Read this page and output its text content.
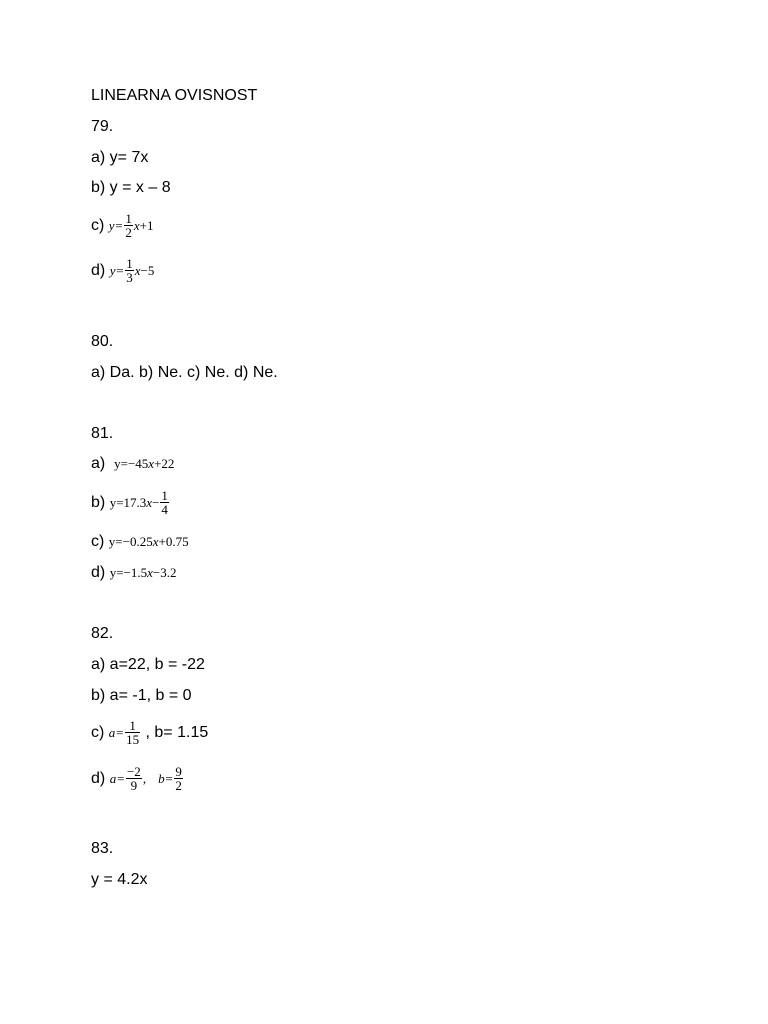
LINEARNA OVISNOST
79.
a) y= 7x
b) y = x – 8
c) $y= \frac{1}{2} x+1$
d) $y= \frac{1}{3} x-5$
80.
a) Da. b) Ne. c) Ne. d) Ne.
81.
a) y=−45x+22
b) $y=17.3x- \frac{1}{4}$
c) y=−0.25x+0.75
d) y=−1.5x−3.2
82.
a) a=22, b = -22
b) a= -1, b = 0
c) $a= \frac{1}{15}$ , b= 1.15
d) $a= \frac{-2}{9}$ , $b= \frac{9}{2}$
83.
y = 4.2x
